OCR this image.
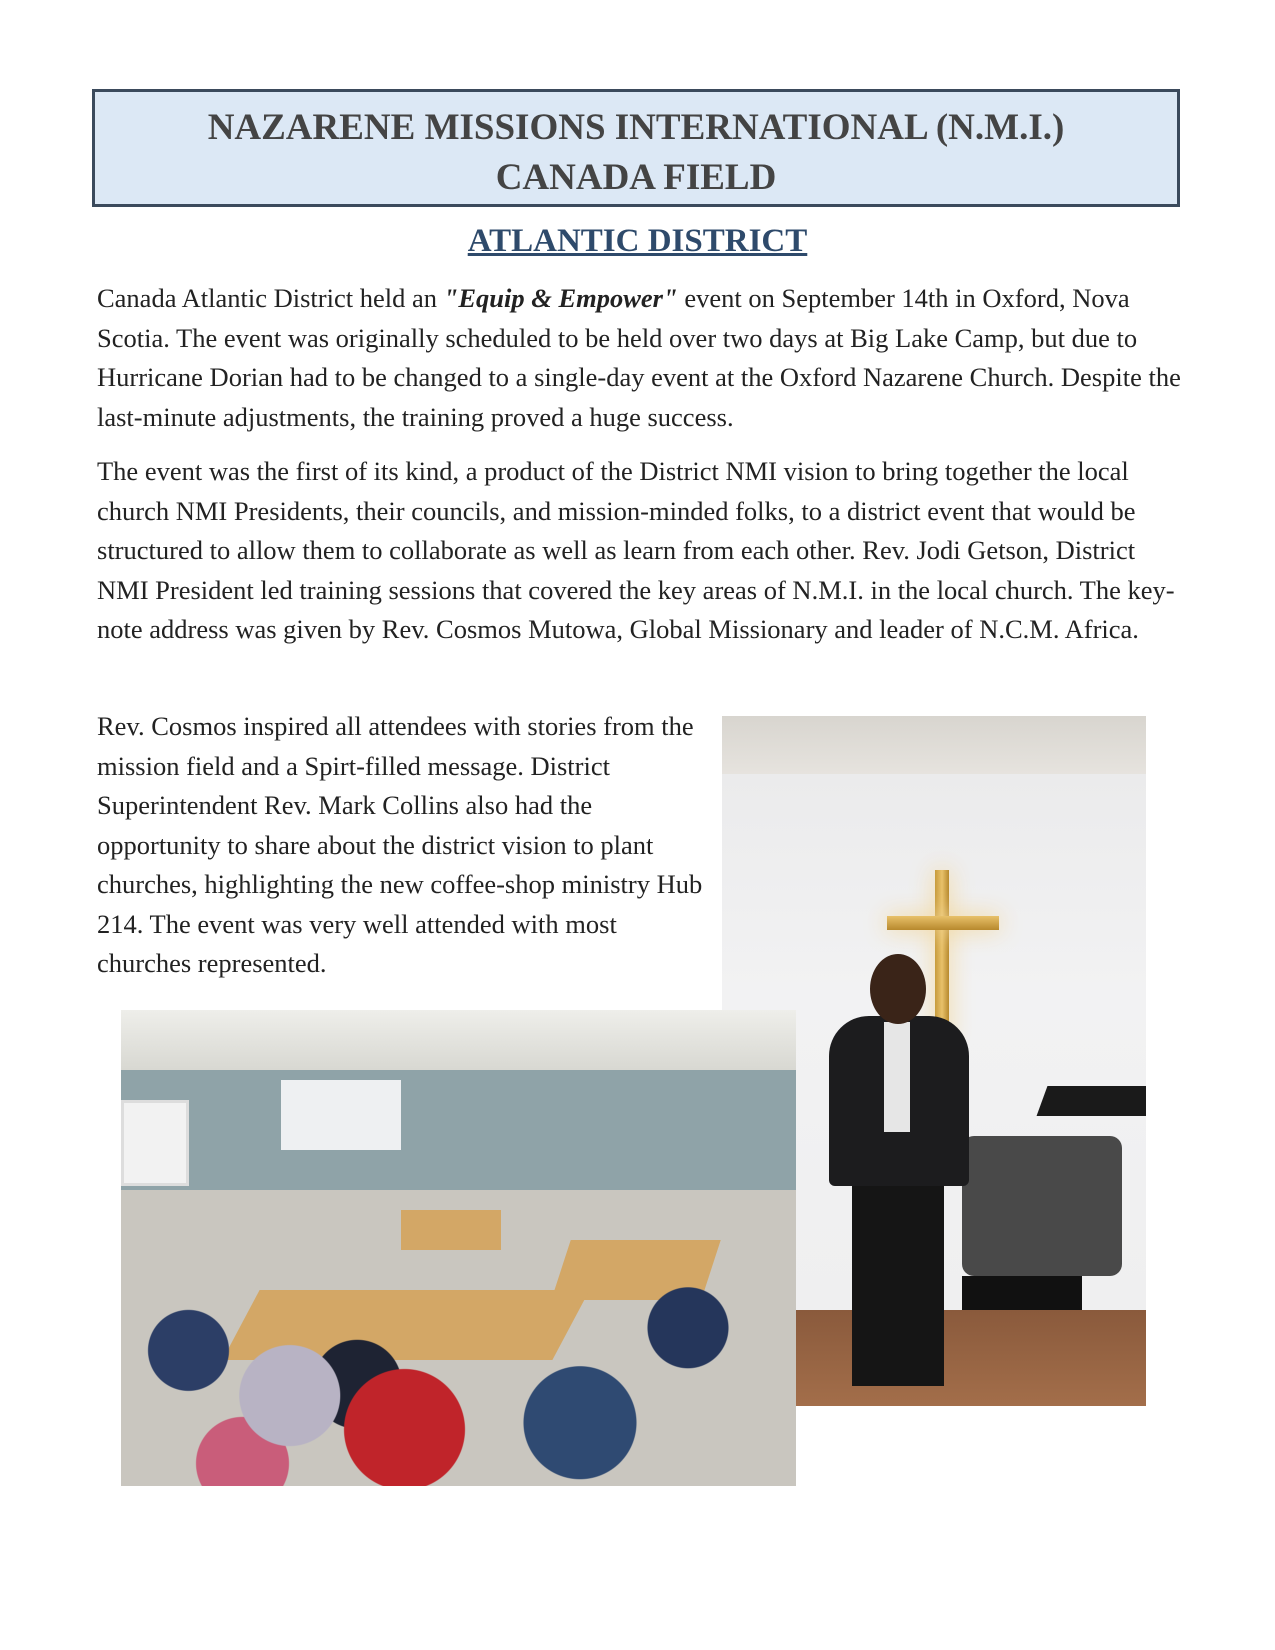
NAZARENE MISSIONS INTERNATIONAL (N.M.I.)
CANADA FIELD
ATLANTIC DISTRICT

Canada Atlantic District held an "Equip & Empower" event on September 14th in Oxford, Nova Scotia. The event was originally scheduled to be held over two days at Big Lake Camp, but due to Hurricane Dorian had to be changed to a single-day event at the Oxford Nazarene Church. Despite the last-minute adjustments, the training proved a huge success.

The event was the first of its kind, a product of the District NMI vision to bring together the local church NMI Presidents, their councils, and mission-minded folks, to a district event that would be structured to allow them to collaborate as well as learn from each other. Rev. Jodi Getson, District NMI President led training sessions that covered the key areas of N.M.I. in the local church. The key-note address was given by Rev. Cosmos Mutowa, Global Missionary and leader of N.C.M. Africa.

Rev. Cosmos inspired all attendees with stories from the mission field and a Spirt-filled message. District Superintendent Rev. Mark Collins also had the opportunity to share about the district vision to plant churches, highlighting the new coffee-shop ministry Hub 214. The event was very well attended with most churches represented.
